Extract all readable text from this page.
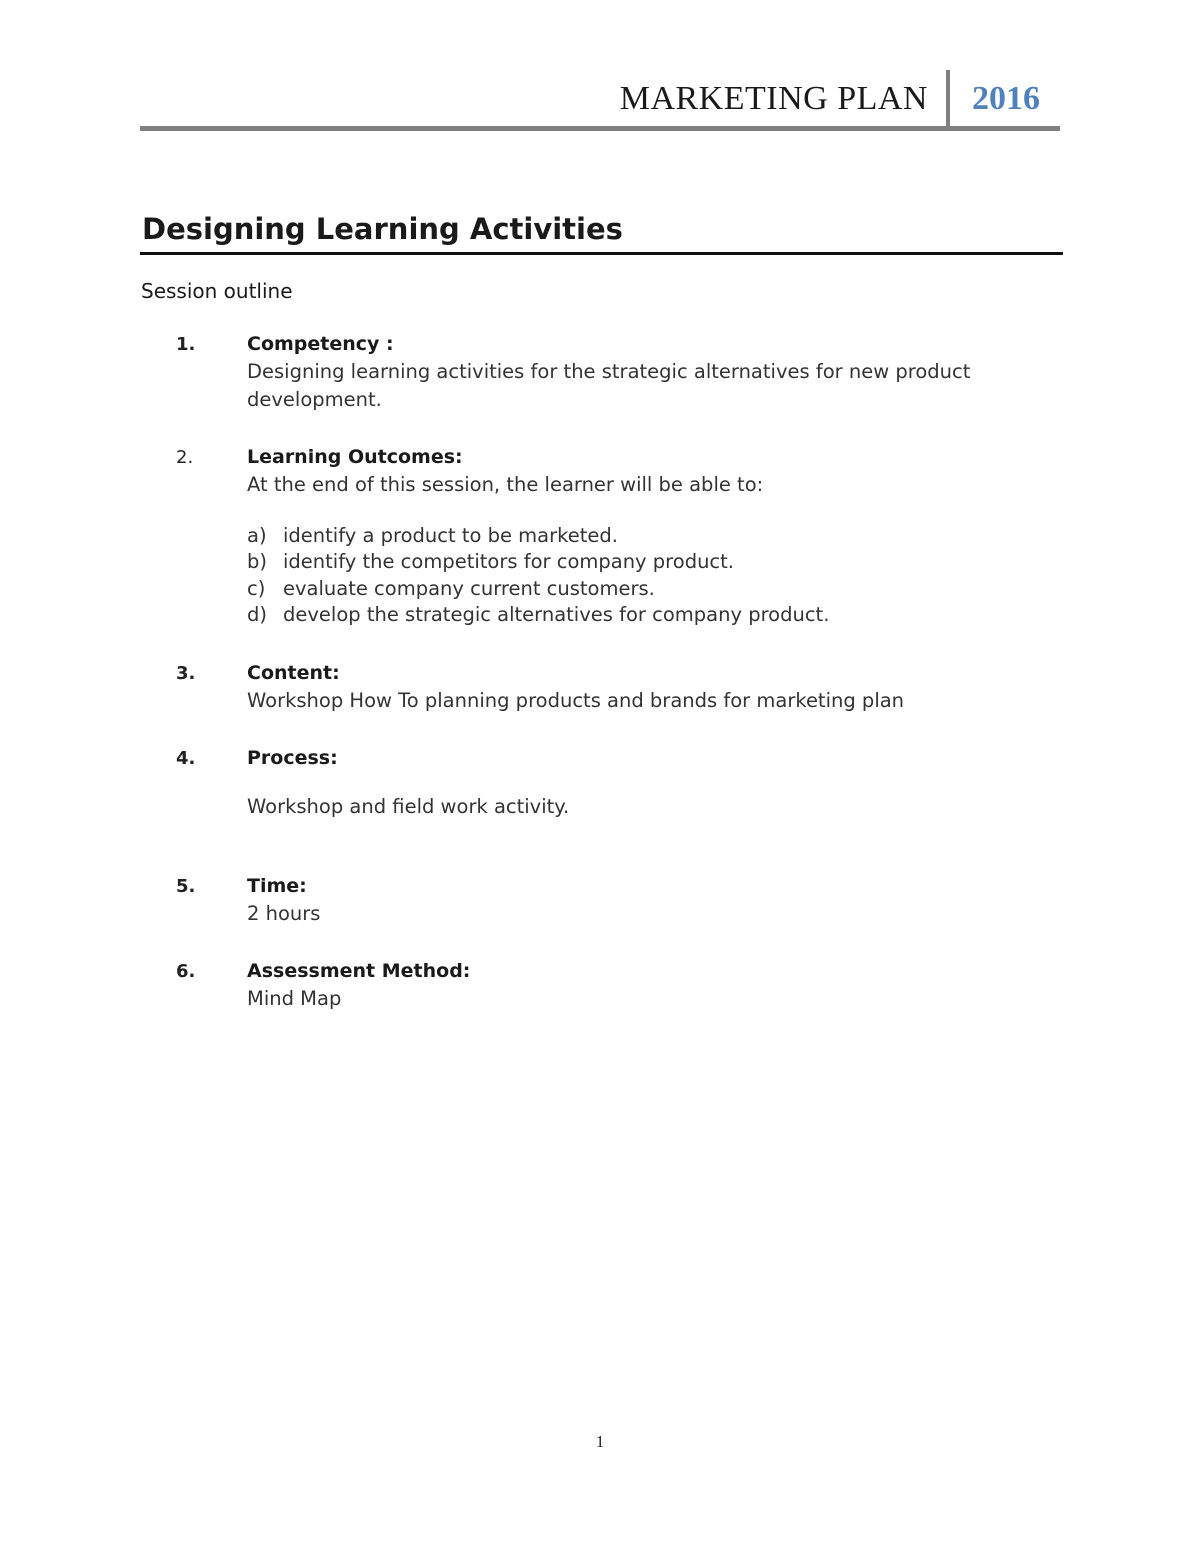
MARKETING PLAN 2016
Designing Learning Activities
Session outline
1.	Competency :
Designing learning activities for the strategic alternatives for new product development.
2.	Learning Outcomes:
At the end of this session, the learner will be able to:
a) identify a product to be marketed.
b) identify the competitors for company product.
c) evaluate company current customers.
d) develop the strategic alternatives for company product.
3.	Content:
Workshop How To planning products and brands for marketing plan
4.	Process:
Workshop and field work activity.
5.	Time:
2 hours
6.	Assessment Method:
Mind Map
1
